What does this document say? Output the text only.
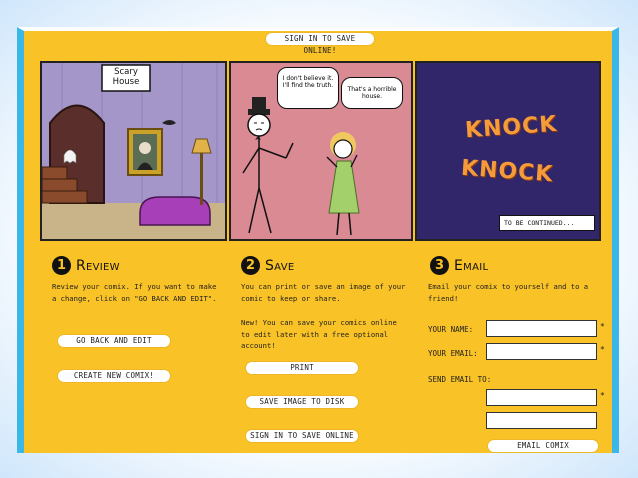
SIGN IN TO SAVE ONLINE!
Scary House	I don't believe it. I'll find the truth.
That's a horrible house.
KNOCK
KNOCK
TO BE CONTINUED...
1 Review
Review your comix. If you want to make a change, click on "GO BACK AND EDIT".
GO BACK AND EDIT
CREATE NEW COMIX!
2 Save
You can print or save an image of your comic to keep or share.
New! You can save your comics online to edit later with a free optional account!
PRINT
SAVE IMAGE TO DISK
SIGN IN TO SAVE ONLINE
3 Email
Email your comix to yourself and to a friend!
YOUR NAME:	*
YOUR EMAIL:	*
SEND EMAIL TO:
*
EMAIL COMIX
